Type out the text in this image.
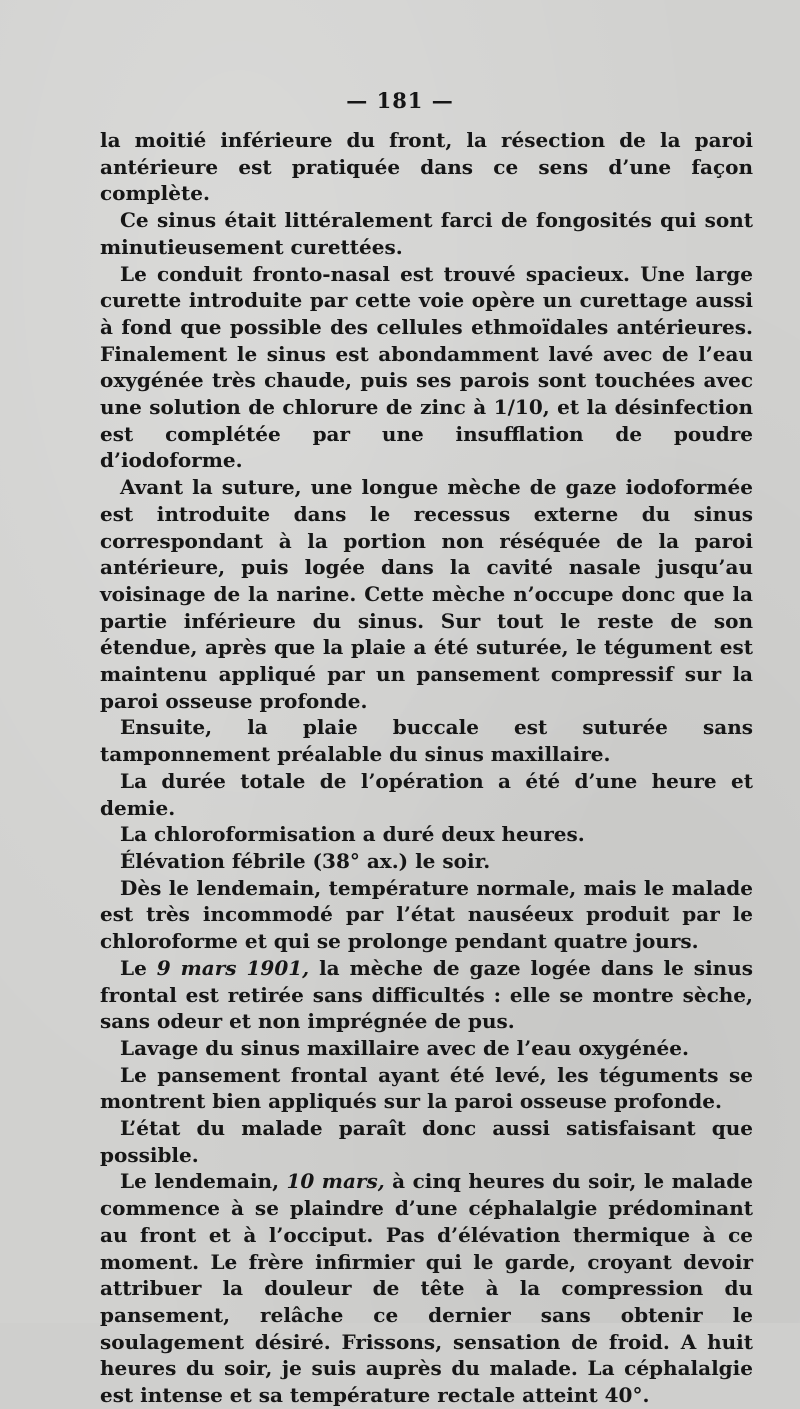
— 181 —

la moitié inférieure du front, la résection de la paroi antérieure est pratiquée dans ce sens d’une façon complète.

Ce sinus était littéralement farci de fongosités qui sont minutieusement curettées.

Le conduit fronto-nasal est trouvé spacieux. Une large curette introduite par cette voie opère un curettage aussi à fond que possible des cellules ethmoïdales antérieures. Finalement le sinus est abondamment lavé avec de l’eau oxygénée très chaude, puis ses parois sont touchées avec une solution de chlorure de zinc à 1/10, et la désinfection est complétée par une insufflation de poudre d’iodoforme.

Avant la suture, une longue mèche de gaze iodoformée est introduite dans le recessus externe du sinus correspondant à la portion non réséquée de la paroi antérieure, puis logée dans la cavité nasale jusqu’au voisinage de la narine. Cette mèche n’occupe donc que la partie inférieure du sinus. Sur tout le reste de son étendue, après que la plaie a été suturée, le tégument est maintenu appliqué par un pansement compressif sur la paroi osseuse profonde.

Ensuite, la plaie buccale est suturée sans tamponnement préalable du sinus maxillaire.

La durée totale de l’opération a été d’une heure et demie.

La chloroformisation a duré deux heures.

Élévation fébrile (38° ax.) le soir.

Dès le lendemain, température normale, mais le malade est très incommodé par l’état nauséeux produit par le chloroforme et qui se prolonge pendant quatre jours.

Le 9 mars 1901, la mèche de gaze logée dans le sinus frontal est retirée sans difficultés : elle se montre sèche, sans odeur et non imprégnée de pus.

Lavage du sinus maxillaire avec de l’eau oxygénée.

Le pansement frontal ayant été levé, les téguments se montrent bien appliqués sur la paroi osseuse profonde.

L’état du malade paraît donc aussi satisfaisant que possible.

Le lendemain, 10 mars, à cinq heures du soir, le malade commence à se plaindre d’une céphalalgie prédominant au front et à l’occiput. Pas d’élévation thermique à ce moment. Le frère infirmier qui le garde, croyant devoir attribuer la douleur de tête à la compression du pansement, relâche ce dernier sans obtenir le soulagement désiré. Frissons, sensation de froid. A huit heures du soir, je suis auprès du malade. La céphalalgie est intense et sa température rectale atteint 40°.
